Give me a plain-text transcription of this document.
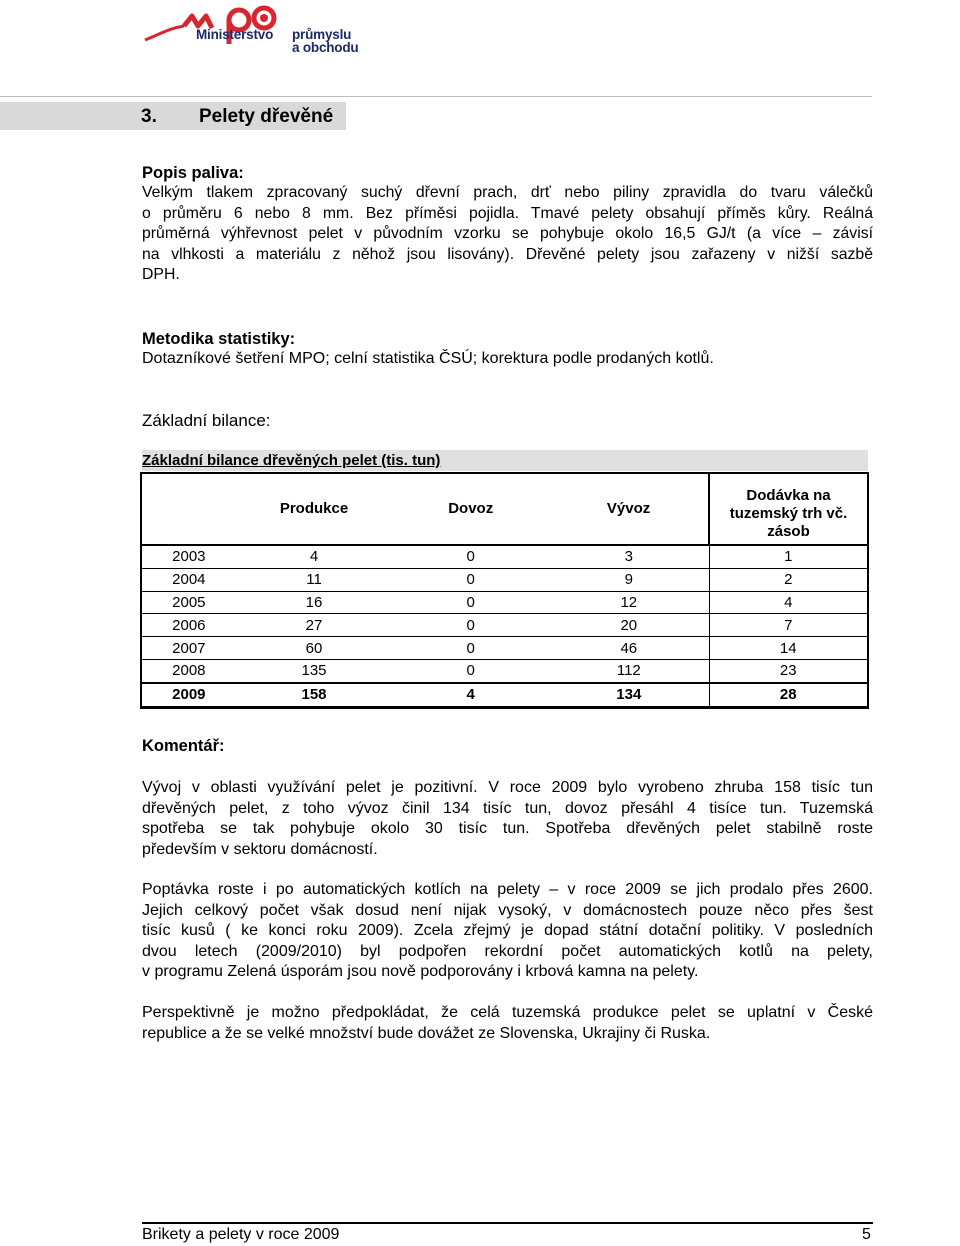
Ministerstvo průmyslu
a obchodu
3. Pelety dřevěné
Popis paliva:
Velkým tlakem zpracovaný suchý dřevní prach, drť nebo piliny zpravidla do tvaru válečků
o průměru 6 nebo 8 mm. Bez příměsi pojidla. Tmavé pelety obsahují příměs kůry. Reálná
průměrná výhřevnost pelet v původním vzorku se pohybuje okolo 16,5 GJ/t (a více – závisí
na vlhkosti a materiálu z něhož jsou lisovány). Dřevěné pelety jsou zařazeny v nižší sazbě
DPH.
Metodika statistiky:
Dotazníkové šetření MPO; celní statistika ČSÚ; korektura podle prodaných kotlů.
Základní bilance:
Základní bilance dřevěných pelet (tis. tun)
	Produkce	Dovoz	Vývoz	Dodávka na tuzemský trh vč. zásob

2003	4	0	3	1
2004	11	0	9	2
2005	16	0	12	4
2006	27	0	20	7
2007	60	0	46	14
2008	135	0	112	23
2009	158	4	134	28
Komentář:
Vývoj v oblasti využívání pelet je pozitivní. V roce 2009 bylo vyrobeno zhruba 158 tisíc tun
dřevěných pelet, z toho vývoz činil 134 tisíc tun, dovoz přesáhl 4 tisíce tun. Tuzemská
spotřeba se tak pohybuje okolo 30 tisíc tun. Spotřeba dřevěných pelet stabilně roste
především v sektoru domácností.
Poptávka roste i po automatických kotlích na pelety – v roce 2009 se jich prodalo přes 2600.
Jejich celkový počet však dosud není nijak vysoký, v domácnostech pouze něco přes šest
tisíc kusů ( ke konci roku 2009). Zcela zřejmý je dopad státní dotační politiky. V posledních
dvou letech (2009/2010) byl podpořen rekordní počet automatických kotlů na pelety,
v programu Zelená úsporám jsou nově podporovány i krbová kamna na pelety.
Perspektivně je možno předpokládat, že celá tuzemská produkce pelet se uplatní v České
republice a že se velké množství bude dovážet ze Slovenska, Ukrajiny či Ruska.
Brikety a pelety v roce 2009	5
